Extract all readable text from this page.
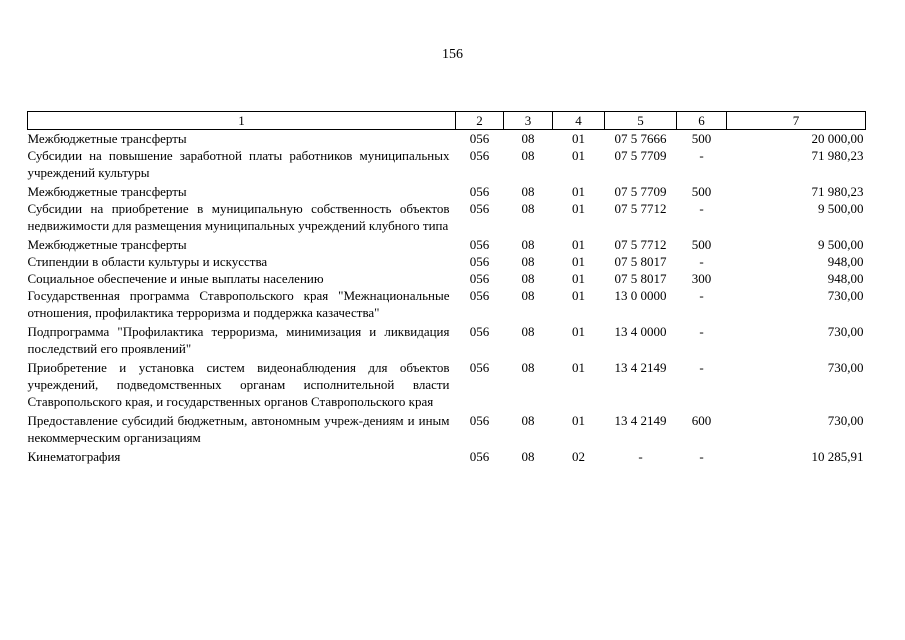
156
1	2	3	4	5	6	7
Межбюджетные трансферты	056	08	01	07 5 7666	500	20 000,00
Субсидии на повышение заработной платы работников муниципальных учреждений культуры	056	08	01	07 5 7709	-	71 980,23
Межбюджетные трансферты	056	08	01	07 5 7709	500	71 980,23
Субсидии на приобретение в муниципальную собственность объектов недвижимости для размещения муниципальных учреждений клубного типа	056	08	01	07 5 7712	-	9 500,00
Межбюджетные трансферты	056	08	01	07 5 7712	500	9 500,00
Стипендии в области культуры и искусства	056	08	01	07 5 8017	-	948,00
Социальное обеспечение и иные выплаты населению	056	08	01	07 5 8017	300	948,00
Государственная программа Ставропольского края "Межнациональные отношения, профилактика терроризма и поддержка казачества"	056	08	01	13 0 0000	-	730,00
Подпрограмма "Профилактика терроризма, минимизация и ликвидация последствий его проявлений"	056	08	01	13 4 0000	-	730,00
Приобретение и установка систем видеонаблюдения для объектов учреждений, подведомственных органам исполнительной власти Ставропольского края, и государственных органов Ставропольского края	056	08	01	13 4 2149	-	730,00
Предоставление субсидий бюджетным, автономным учреж-дениям и иным некоммерческим организациям	056	08	01	13 4 2149	600	730,00
Кинематография	056	08	02	-	-	10 285,91
